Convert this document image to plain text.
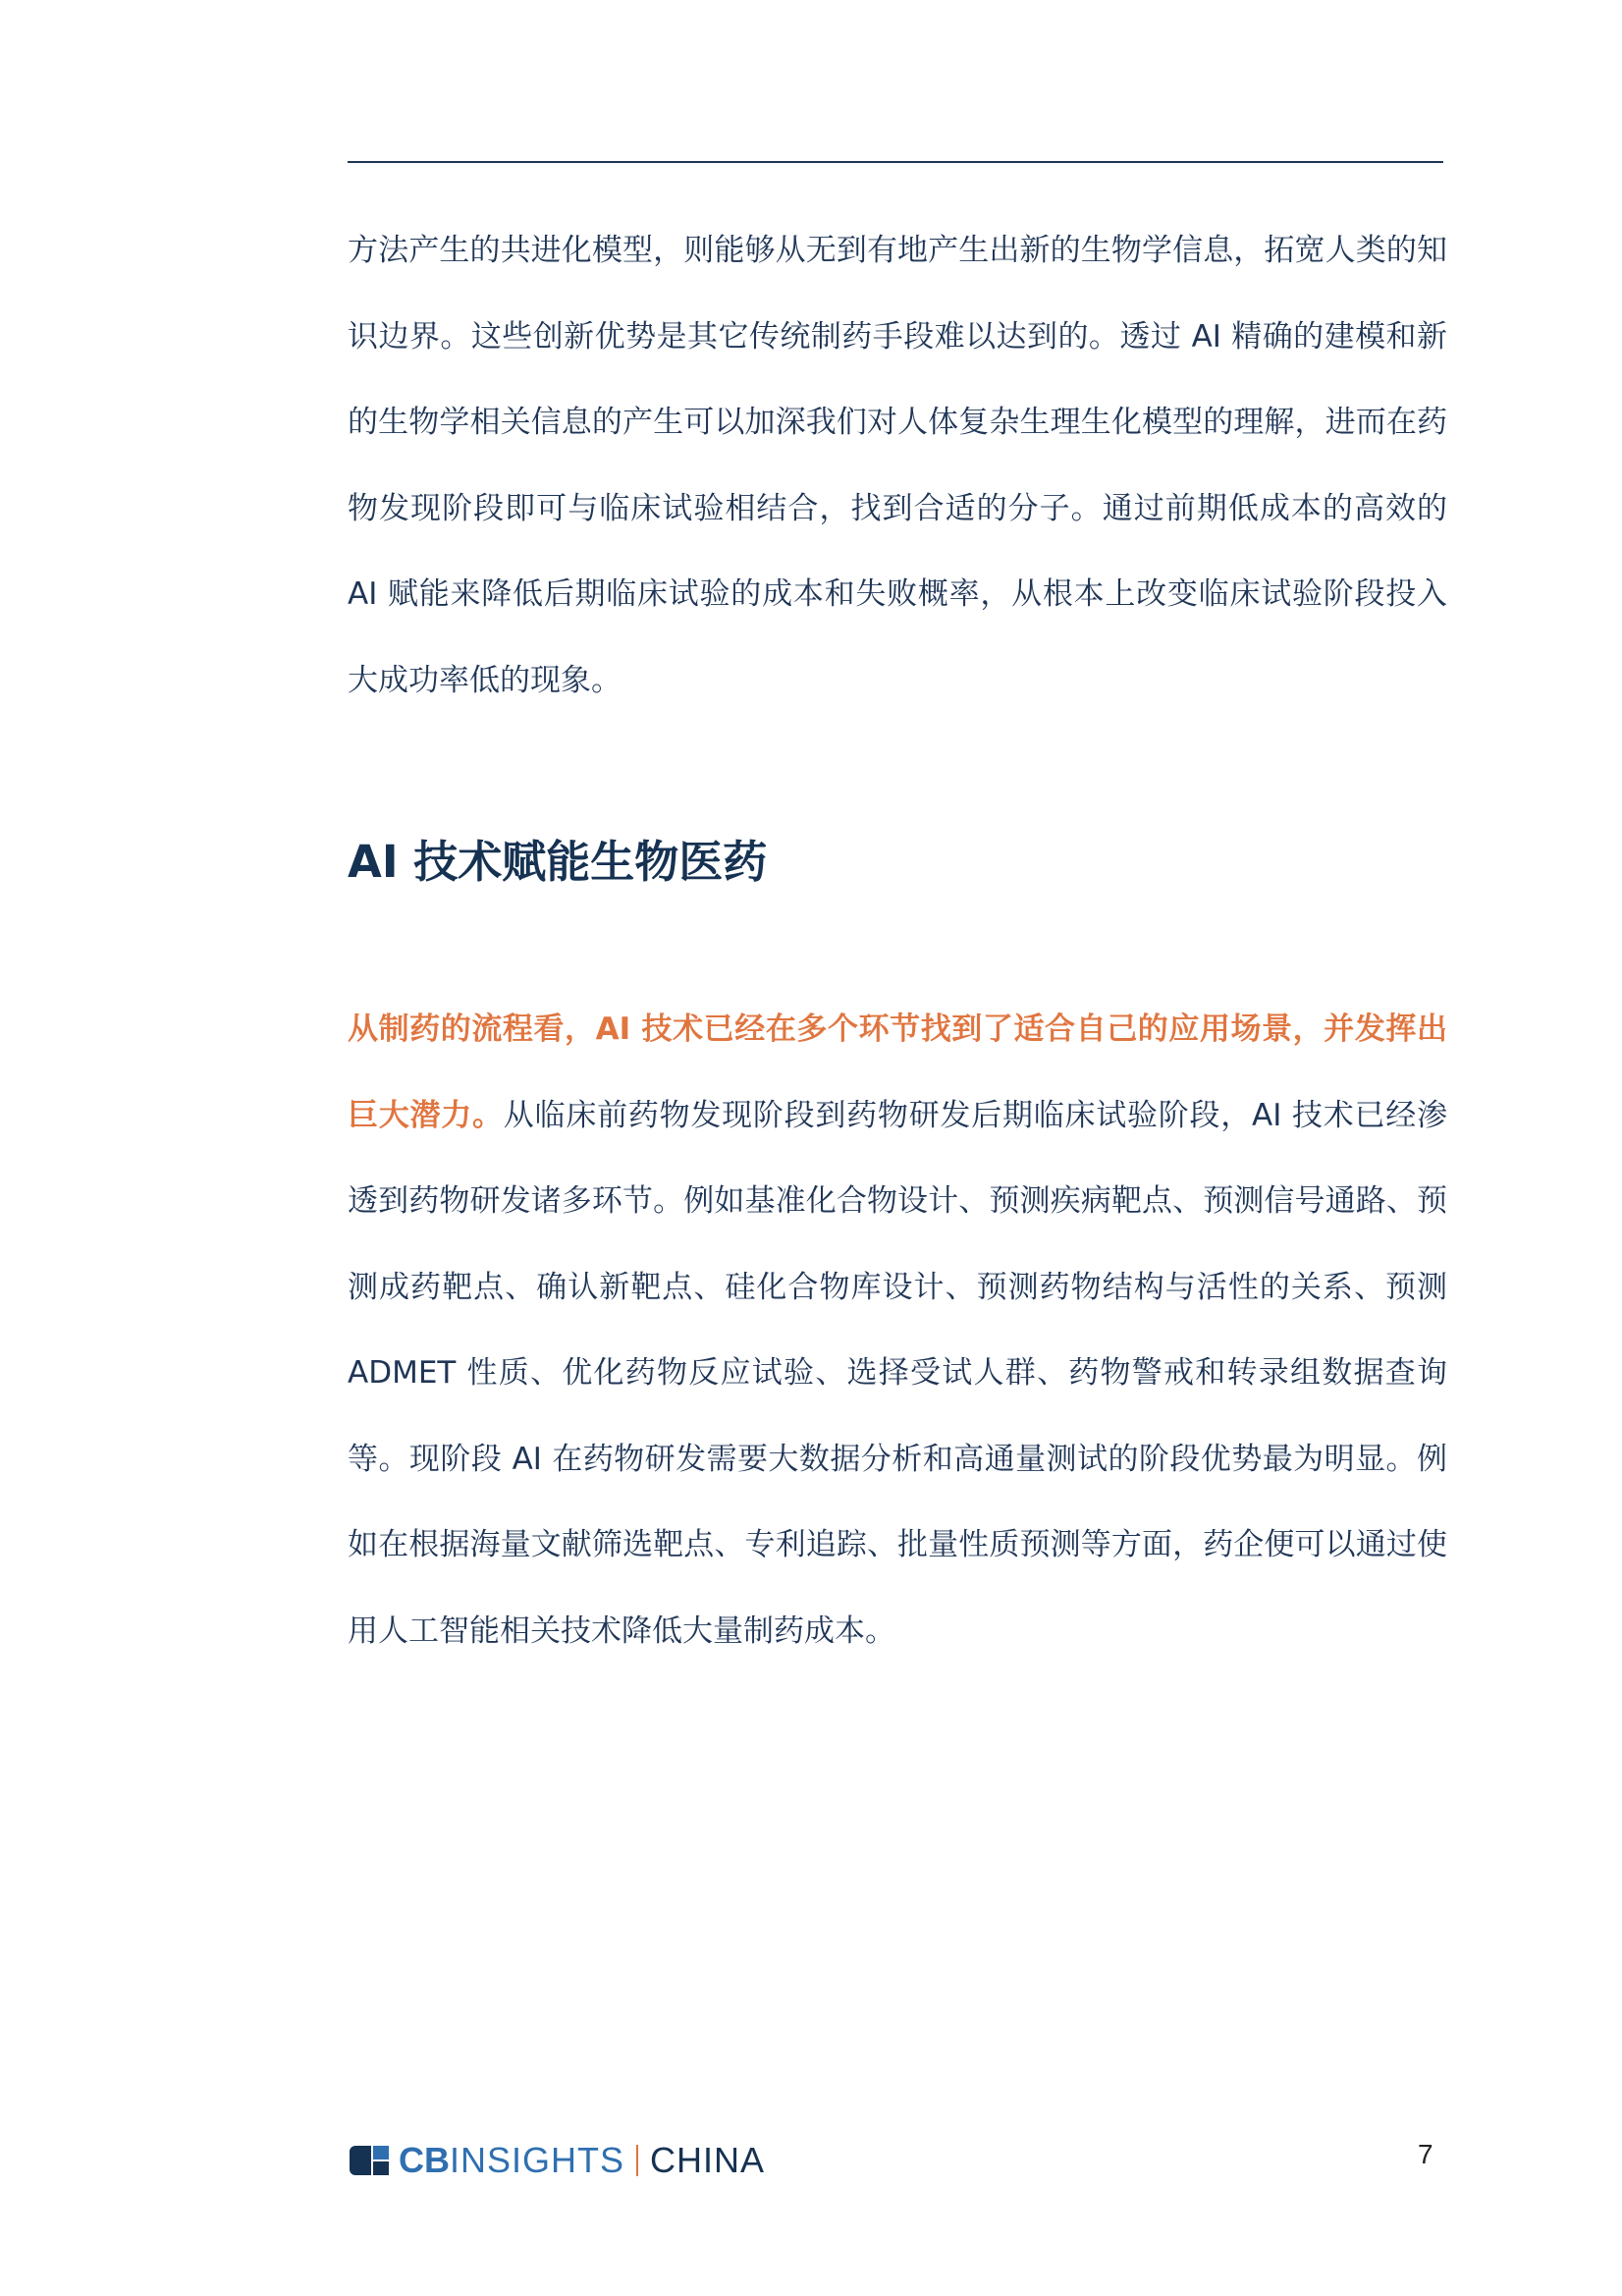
方法产生的共进化模型，则能够从无到有地产生出新的生物学信息，拓宽人类的知识边界。这些创新优势是其它传统制药手段难以达到的。透过 AI 精确的建模和新的生物学相关信息的产生可以加深我们对人体复杂生理生化模型的理解，进而在药物发现阶段即可与临床试验相结合，找到合适的分子。通过前期低成本的高效的 AI 赋能来降低后期临床试验的成本和失败概率，从根本上改变临床试验阶段投入大成功率低的现象。

AI 技术赋能生物医药

从制药的流程看，AI 技术已经在多个环节找到了适合自己的应用场景，并发挥出巨大潜力。从临床前药物发现阶段到药物研发后期临床试验阶段，AI 技术已经渗透到药物研发诸多环节。例如基准化合物设计、预测疾病靶点、预测信号通路、预测成药靶点、确认新靶点、硅化合物库设计、预测药物结构与活性的关系、预测 ADMET 性质、优化药物反应试验、选择受试人群、药物警戒和转录组数据查询等。现阶段 AI 在药物研发需要大数据分析和高通量测试的阶段优势最为明显。例如在根据海量文献筛选靶点、专利追踪、批量性质预测等方面，药企便可以通过使用人工智能相关技术降低大量制药成本。

CB INSIGHTS CHINA	7
